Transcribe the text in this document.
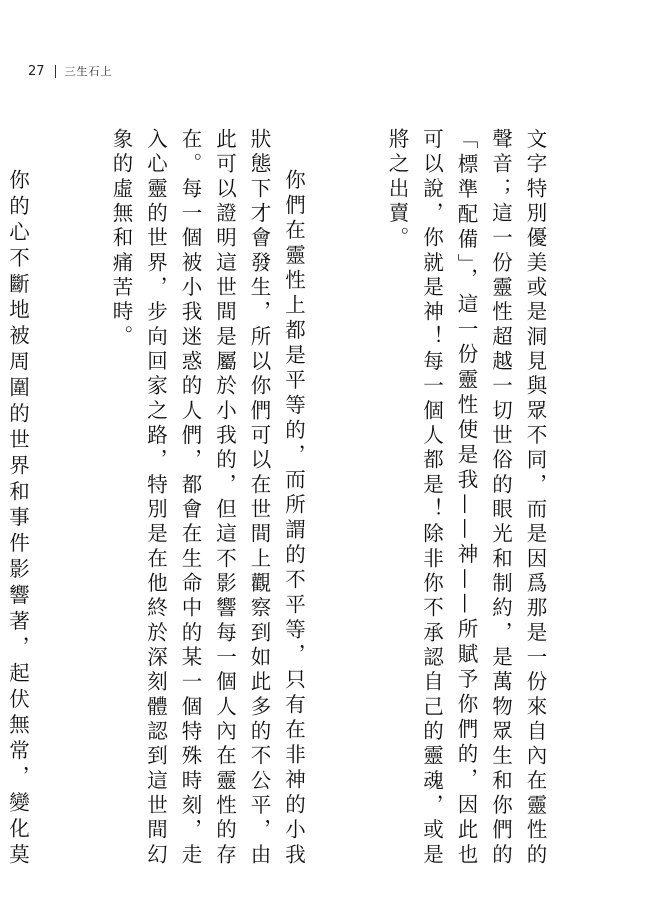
27 三生石上

文字特別優美或是洞見與眾不同，而是因爲那是一份來自內在靈性的聲音；這一份靈性超越一切世俗的眼光和制約，是萬物眾生和你們的「標準配備」，這一份靈性使是我——神——所賦予你們的，因此也可以說，你就是神！每一個人都是！除非你不承認自己的靈魂，或是將之出賣。

你們在靈性上都是平等的，而所謂的不平等，只有在非神的小我狀態下才會發生，所以你們可以在世間上觀察到如此多的不公平，由此可以證明這世間是屬於小我的，但這不影響每一個人內在靈性的存在。每一個被小我迷惑的人們，都會在生命中的某一個特殊時刻，走入心靈的世界，步向回家之路，特別是在他終於深刻體認到這世間幻象的虛無和痛苦時。

你的心不斷地被周圍的世界和事件影響著，起伏無常，變化莫
